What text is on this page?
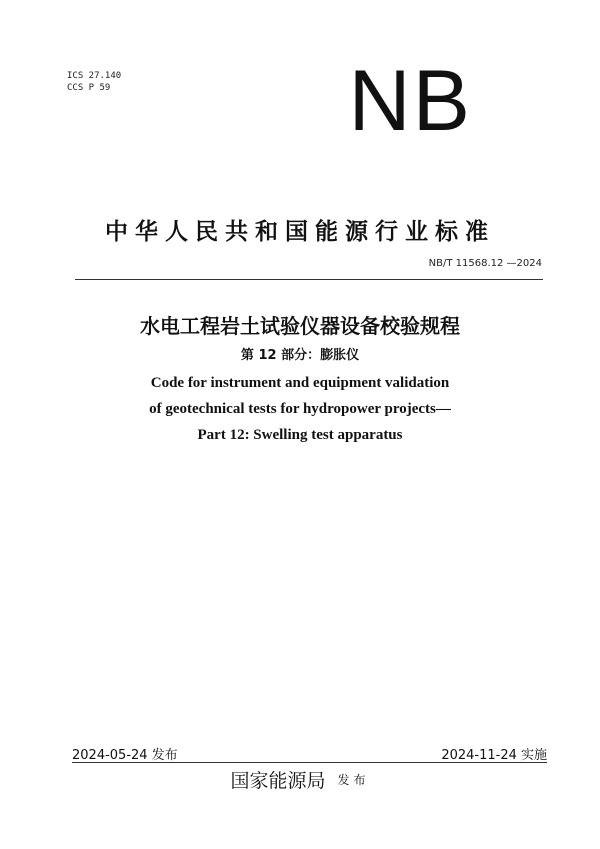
ICS 27.140
CCS P 59	NB
中华人民共和国能源行业标准
NB/T 11568.12 —2024
水电工程岩土试验仪器设备校验规程
第 12 部分：膨胀仪
Code for instrument and equipment validation
of geotechnical tests for hydropower projects—
Part 12: Swelling test apparatus
2024-05-24 发布	2024-11-24 实施
国家能源局 发布
